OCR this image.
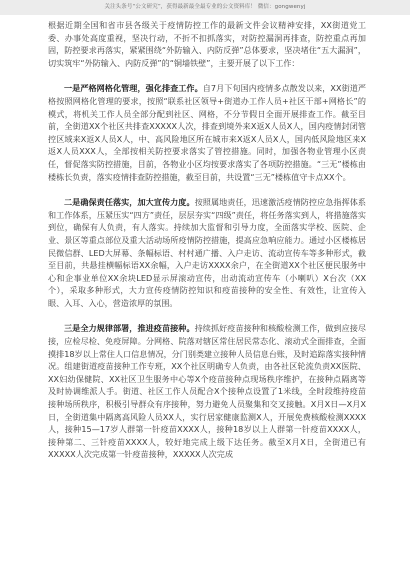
关注头条号“公文研究”，获得最新最全最专业的公文资料库！ 微信：gongwenyj

根据近期全国和省市县各级关于疫情防控工作的最新文件会议精神安排，XX街道党工委、办事处高度重视，坚决行动，不折不扣抓落实，对防控漏洞再排查，防控重点再加固，防控要求再落实，紧紧围绕“外防输入、内防反弹”总体要求，坚决堵住“五大漏洞”，切实筑牢“外防输入、内防反弹”的“铜墙铁壁”，主要开展了以下工作：

一是严格网格化管理，强化排查工作。自7月下旬国内疫情多点散发以来，XX街道严格按照网格化管理的要求，按照“联系社区领导+街道办工作人员+社区干部+网格长”的模式，将机关工作人员全部分配到社区、网格，不分节假日全面开展排查工作。截至目前，全街道XX个社区共排查XXXXX人次，排查到境外来X返X人员X人，国内疫情封闭管控区域来X返X人员X人，中、高风险地区所在城市来X返X人员X人，国内低风险地区来X返X人员XXX人，全部按相关防控要求落实了管控措施。同时，加强各物业管理小区责任，督促落实防控措施，目前，各物业小区均按要求落实了各项防控措施。“三无”楼栋由楼栋长负责，落实疫情排查防控措施，截至目前，共设置“三无”楼栋值守卡点XX个。

二是确保责任落实，加大宣传力度。按照属地责任，迅速激活疫情防控应急指挥体系和工作体系，压紧压实“四方”责任，层层夯实“四级”责任，将任务落实到人，将措施落实到位，确保有人负责，有人落实。持续加大监督和引导力度，全面落实学校、医院、企业、景区等重点部位及重大活动场所疫情防控措施，提高应急响应能力。通过小区楼栋居民微信群、LED大屏幕、条幅标语、村村通广播、入户走访、流动宣传车等多种形式，截至目前，共悬挂横幅标语XX余幅，入户走访XXXX余户，在全街道XX个社区便民服务中心和企事业单位XX余块LED显示屏滚动宣传，出动流动宣传车（小喇叭）X台次（XX个），采取多种形式，大力宣传疫情防控知识和疫苗接种的安全性、有效性，让宣传入眼、入耳、入心，营造浓厚的氛围。

三是全力规律部署，推进疫苗接种。持续抓好疫苗接种和核酸检测工作，做到应接尽接，应检尽检、免疫屏障。分网格、院落对辖区常住居民常态化、滚动式全面排查，全面摸排18岁以上常住人口信息情况，分门别类建立接种人员信息台账，及时追踪落实接种情况。组建街道疫苗接种工作专班，XX个社区明确专人负责，由各社区轮流负责XX医院、XX妇幼保健院、XX社区卫生服务中心等X个疫苗接种点现场秩序维护，在接种点隔离等及时协调维派人手。街道、社区工作人员配合X个接种点设置了1米线，全时段维持疫苗接种场所秩序，积极引导群众有序接种，努力避免人员聚集和交叉接触。X月X日—X月X日，全街道集中隔离高风险人员XX人，实行居家健康监测X人，开展免费核酸检测XXXX人，接种15—17岁人群第一针疫苗XXXX人，接种18岁以上人群第一针疫苗XXXX人，接种第二、三针疫苗XXXX人，较好地完成上级下达任务。截至X月X日，全街道已有XXXXX人次完成第一针疫苗接种，XXXXX人次完成
